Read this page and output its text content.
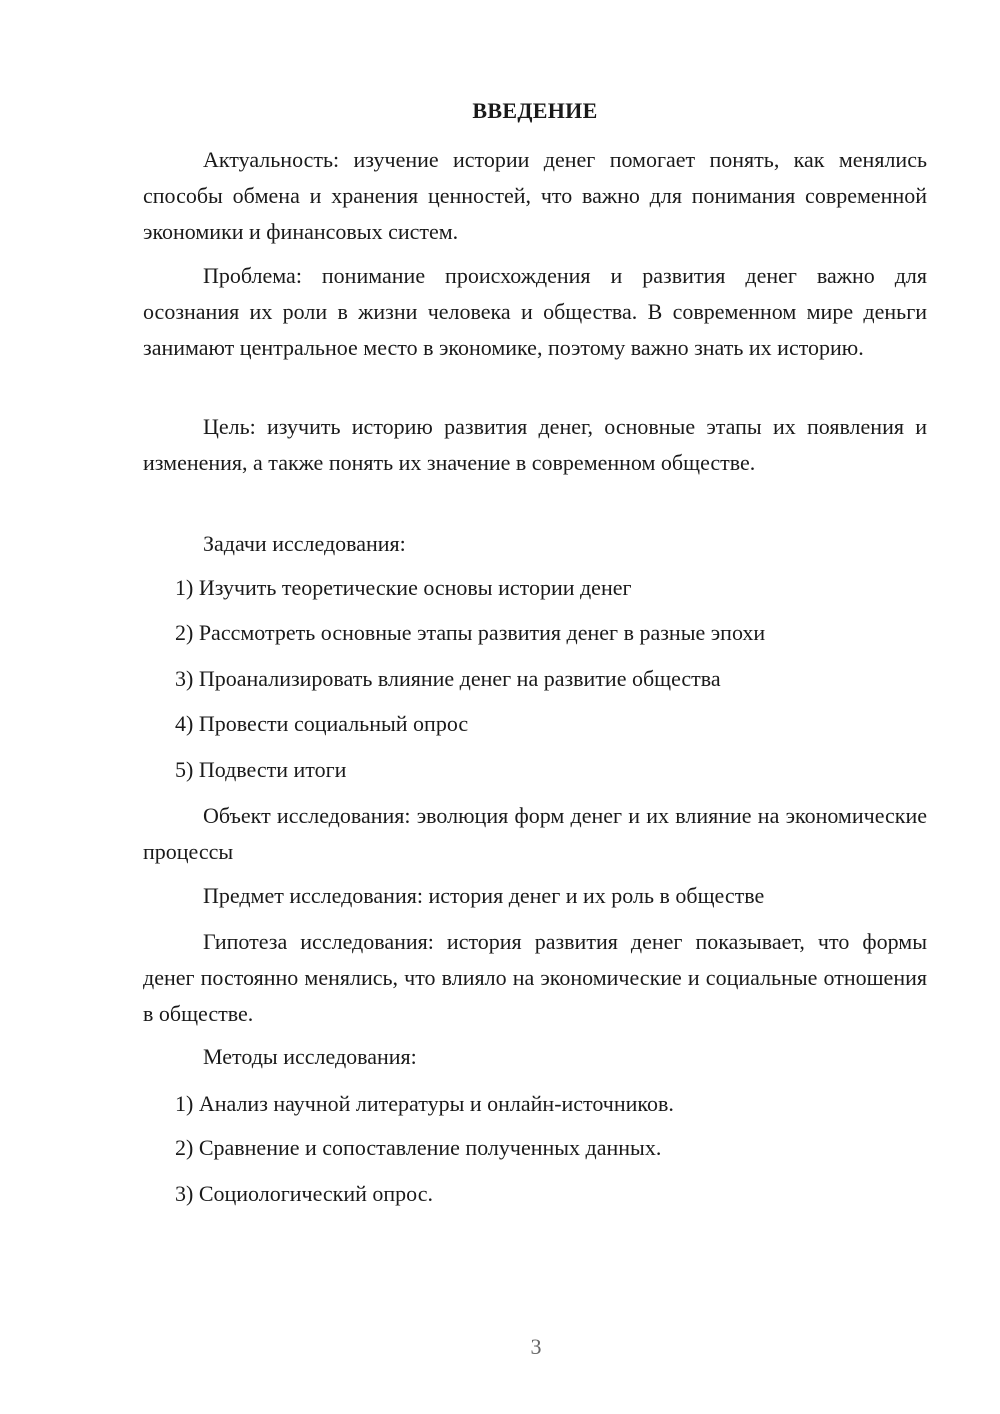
ВВЕДЕНИЕ

Актуальность: изучение истории денег помогает понять, как менялись способы обмена и хранения ценностей, что важно для понимания современной экономики и финансовых систем.

Проблема: понимание происхождения и развития денег важно для осознания их роли в жизни человека и общества. В современном мире деньги занимают центральное место в экономике, поэтому важно знать их историю.

Цель: изучить историю развития денег, основные этапы их появления и изменения, а также понять их значение в современном обществе.

Задачи исследования:

1) Изучить теоретические основы истории денег

2) Рассмотреть основные этапы развития денег в разные эпохи

3) Проанализировать влияние денег на развитие общества

4) Провести социальный опрос

5) Подвести итоги

Объект исследования: эволюция форм денег и их влияние на экономические процессы

Предмет исследования: история денег и их роль в обществе

Гипотеза исследования: история развития денег показывает, что формы денег постоянно менялись, что влияло на экономические и социальные отношения в обществе.

Методы исследования:

1) Анализ научной литературы и онлайн-источников.

2) Сравнение и сопоставление полученных данных.

3) Социологический опрос.

3
